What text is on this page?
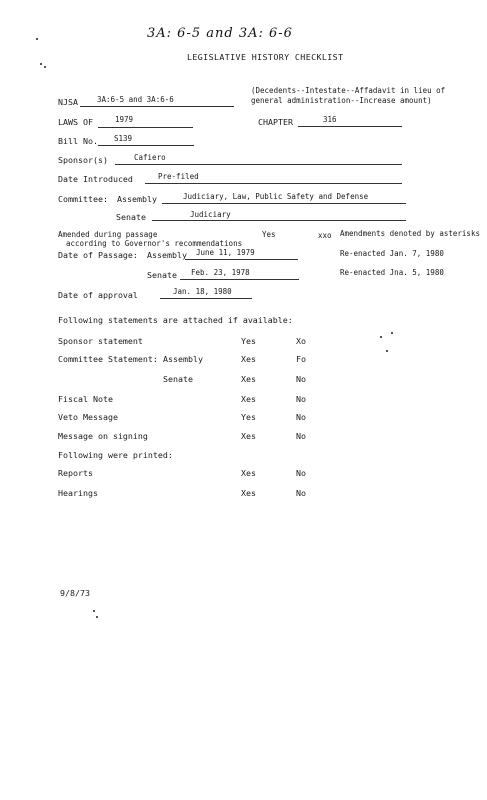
3A: 6-5 and 3A: 6-6
LEGISLATIVE HISTORY CHECKLIST
NJSA	3A:6-5 and 3A:6-6
(Decedents--Intestate--Affadavit in lieu of
general administration--Increase amount)
LAWS OF	1979	CHAPTER	316
Bill No. S139
Sponsor(s)	Cafiero
Date Introduced	Pre-filed
Committee: Assembly	Judiciary, Law, Public Safety and Defense
Senate	Judiciary
Amended during passage
according to Governor's recommendations
Yes	xxo Amendments denoted by asterisks
Date of Passage: Assembly June 11, 1979	Re-enacted Jan. 7, 1980
Senate Feb. 23, 1978	Re-enacted Jna. 5, 1980
Date of approval	Jan. 18, 1980
Following statements are attached if available:
Sponsor statement	Yes	Xo
Committee Statement: Assembly	Xes	Fo
Senate	Xes	No
Fiscal Note	Xes	No
Veto Message	Yes	No
Message on signing	Xes	No
Following were printed:
Reports	Xes	No
Hearings	Xes	No
9/8/73
